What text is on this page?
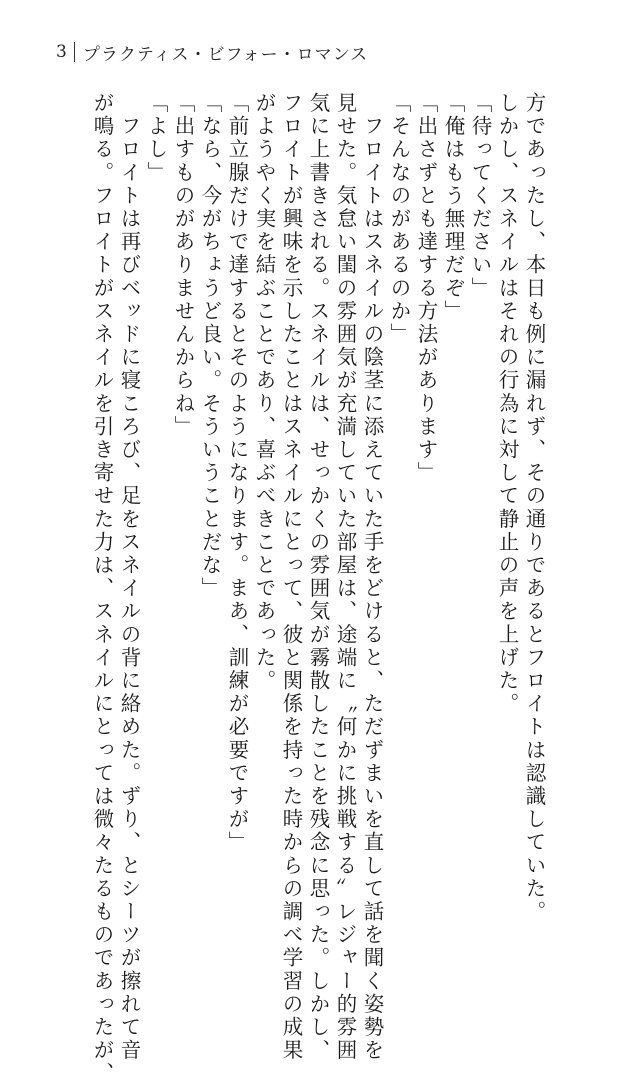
3 プラクティス・ビフォー・ロマンス
方であったし、本日も例に漏れず、その通りであるとフロイトは認識していた。
しかし、スネイルはそれの行為に対して静止の声を上げた。
「待ってください」
「俺はもう無理だぞ」
「出さずとも達する方法があります」
「そんなのがあるのか」
　フロイトはスネイルの陰茎に添えていた手をどけると、ただずまいを直して話を聞く姿勢を
見せた。気怠い閨の雰囲気が充満していた部屋は、途端に〝何かに挑戦する〟レジャー的雰囲
気に上書きされる。スネイルは、せっかくの雰囲気が霧散したことを残念に思った。しかし、
フロイトが興味を示したことはスネイルにとって、彼と関係を持った時からの調べ学習の成果
がようやく実を結ぶことであり、喜ぶべきことであった。
「前立腺だけで達するとそのようになります。まあ、訓練が必要ですが」
「なら、今がちょうど良い。そういうことだな」
「出すものがありませんからね」
「よし」
　フロイトは再びベッドに寝ころび、足をスネイルの背に絡めた。ずり、とシーツが擦れて音
が鳴る。フロイトがスネイルを引き寄せた力は、スネイルにとっては微々たるものであったが、
